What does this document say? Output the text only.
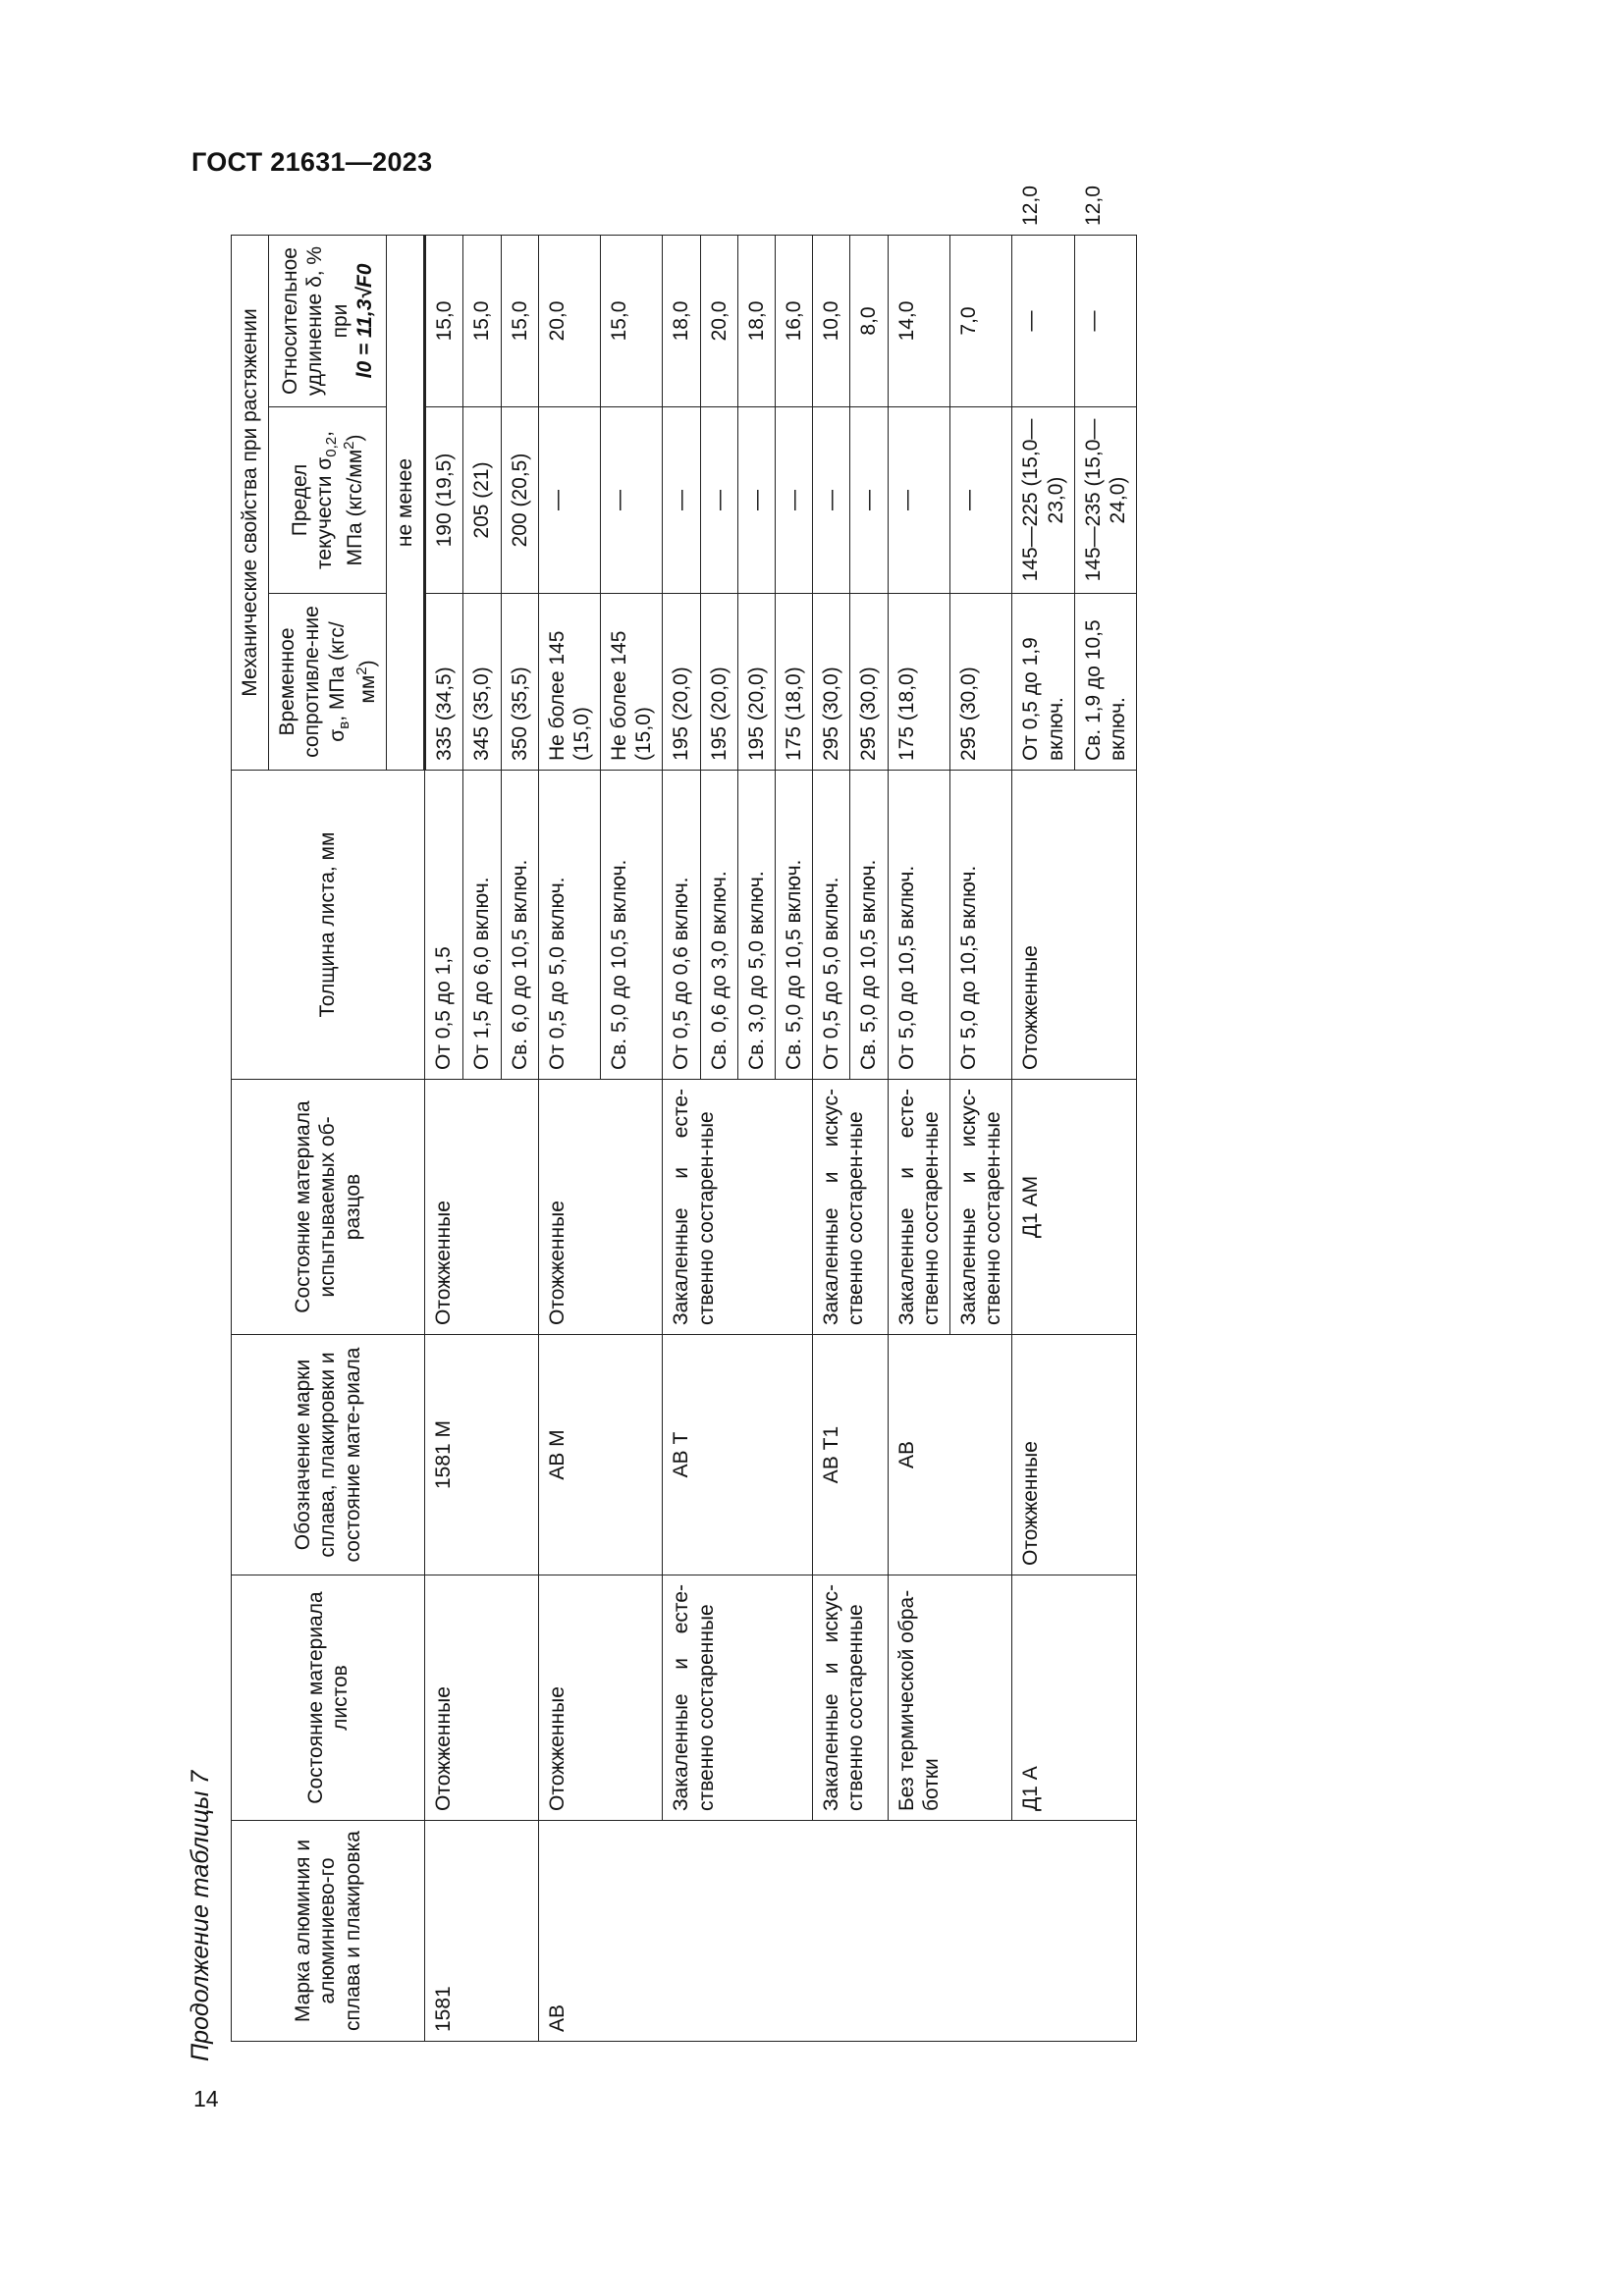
ГОСТ 21631—2023
Продолжение таблицы 7
14
Марка алюминия и алюминиево-го сплава и плакировка	Состояние материала листов	Обозначение марки сплава, плакировки и состояние мате-риала	Состояние материала испытываемых об-разцов	Толщина листа, мм	Механические свойства при растяжении			
					Временное сопротивле-ние $\sigma_в$, МПа $(кгс/мм^2)$	Предел текучести $\sigma_{0,2}$, МПа $(кгс/мм^2)$	Относительное удлинение δ, % при l0 = 11,3√F0	
					не менее			
1581	Отожженные	1581 М	Отожженные	От 0,5 до 1,5	335 (34,5)	190 (19,5)	15,0	
				От 1,5 до 6,0 включ.	345 (35,0)	205 (21)	15,0	
				Св. 6,0 до 10,5 включ.	350 (35,5)	200 (20,5)	15,0	
АВ	Отожженные	АВ М	Отожженные	От 0,5 до 5,0 включ.	Не более 145 (15,0)	—	20,0	
				Св. 5,0 до 10,5 включ.	Не более 145 (15,0)	—	15,0	
	Закаленные и есте-ственно состаренные	АВ Т	Закаленные и есте-ственно состарен-ные	От 0,5 до 0,6 включ.	195 (20,0)	—	18,0	
				Св. 0,6 до 3,0 включ.	195 (20,0)	—	20,0	
				Св. 3,0 до 5,0 включ.	195 (20,0)	—	18,0	
				Св. 5,0 до 10,5 включ.	175 (18,0)	—	16,0	
	Закаленные и искус-ственно состаренные	АВ Т1	Закаленные и искус-ственно состарен-ные	От 0,5 до 5,0 включ.	295 (30,0)	—	10,0	
				Св. 5,0 до 10,5 включ.	295 (30,0)	—	8,0	
	Без термической обра-ботки	АВ	Закаленные и есте-ственно состарен-ные	От 5,0 до 10,5 включ.	175 (18,0)	—	14,0	
			Закаленные и искус-ственно состарен-ные	От 5,0 до 10,5 включ.	295 (30,0)	—	7,0	
	Д1 А	Отожженные	Д1 АМ	Отожженные	От 0,5 до 1,9 включ.	145—225 (15,0—23,0)	—	12,0
					Св. 1,9 до 10,5 включ.	145—235 (15,0—24,0)	—	12,0
